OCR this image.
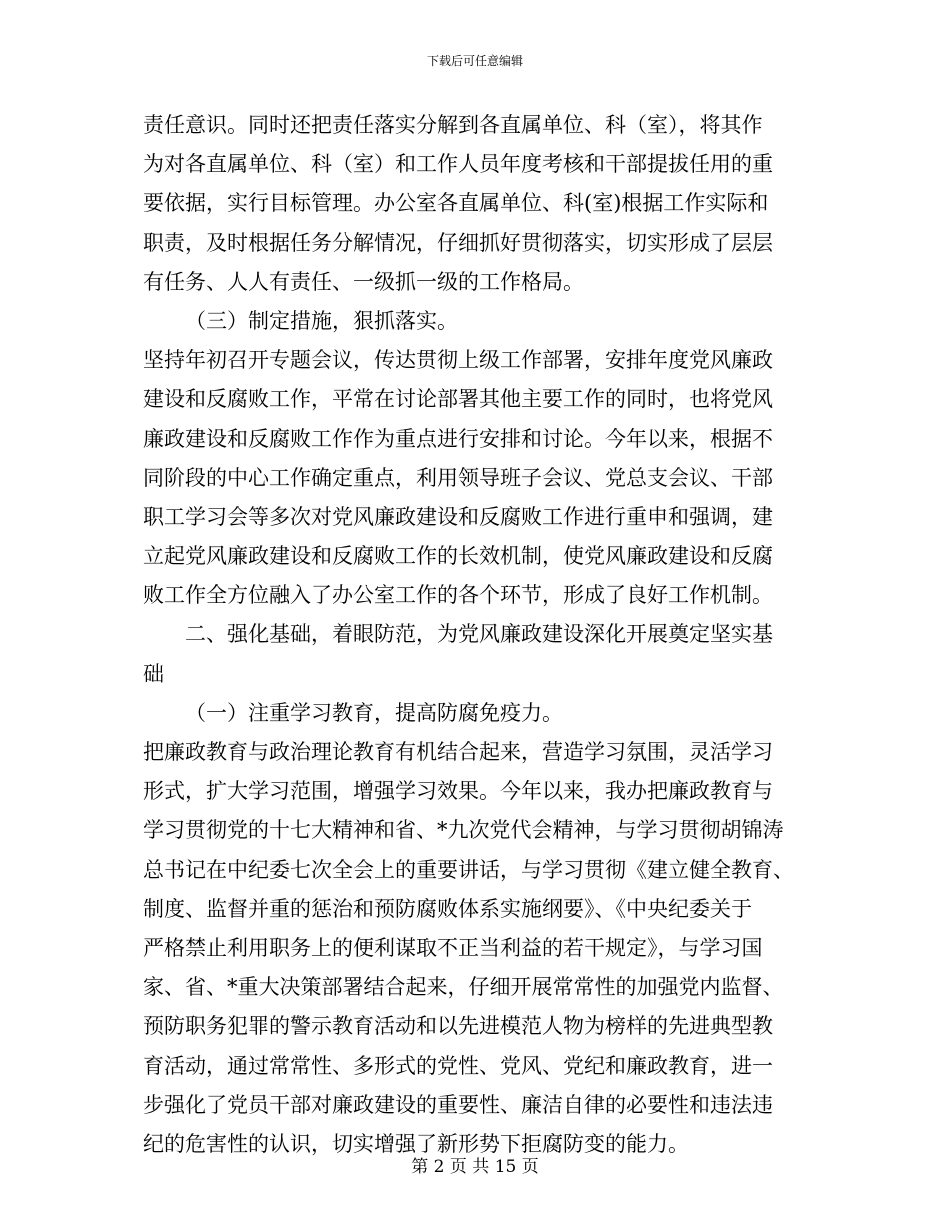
下载后可任意编辑
责任意识。同时还把责任落实分解到各直属单位、科（室），将其作
为对各直属单位、科（室）和工作人员年度考核和干部提拔任用的重
要依据，实行目标管理。办公室各直属单位、科(室)根据工作实际和
职责，及时根据任务分解情况，仔细抓好贯彻落实，切实形成了层层
有任务、人人有责任、一级抓一级的工作格局。
（三）制定措施，狠抓落实。
坚持年初召开专题会议，传达贯彻上级工作部署，安排年度党风廉政
建设和反腐败工作，平常在讨论部署其他主要工作的同时，也将党风
廉政建设和反腐败工作作为重点进行安排和讨论。今年以来，根据不
同阶段的中心工作确定重点，利用领导班子会议、党总支会议、干部
职工学习会等多次对党风廉政建设和反腐败工作进行重申和强调，建
立起党风廉政建设和反腐败工作的长效机制，使党风廉政建设和反腐
败工作全方位融入了办公室工作的各个环节，形成了良好工作机制。
二、强化基础，着眼防范，为党风廉政建设深化开展奠定坚实基
础
（一）注重学习教育，提高防腐免疫力。
把廉政教育与政治理论教育有机结合起来，营造学习氛围，灵活学习
形式，扩大学习范围，增强学习效果。今年以来，我办把廉政教育与
学习贯彻党的十七大精神和省、*九次党代会精神，与学习贯彻胡锦涛
总书记在中纪委七次全会上的重要讲话，与学习贯彻《建立健全教育、
制度、监督并重的惩治和预防腐败体系实施纲要》、《中央纪委关于
严格禁止利用职务上的便利谋取不正当利益的若干规定》，与学习国
家、省、*重大决策部署结合起来，仔细开展常常性的加强党内监督、
预防职务犯罪的警示教育活动和以先进模范人物为榜样的先进典型教
育活动，通过常常性、多形式的党性、党风、党纪和廉政教育，进一
步强化了党员干部对廉政建设的重要性、廉洁自律的必要性和违法违
纪的危害性的认识，切实增强了新形势下拒腐防变的能力。
第 2 页 共 15 页
